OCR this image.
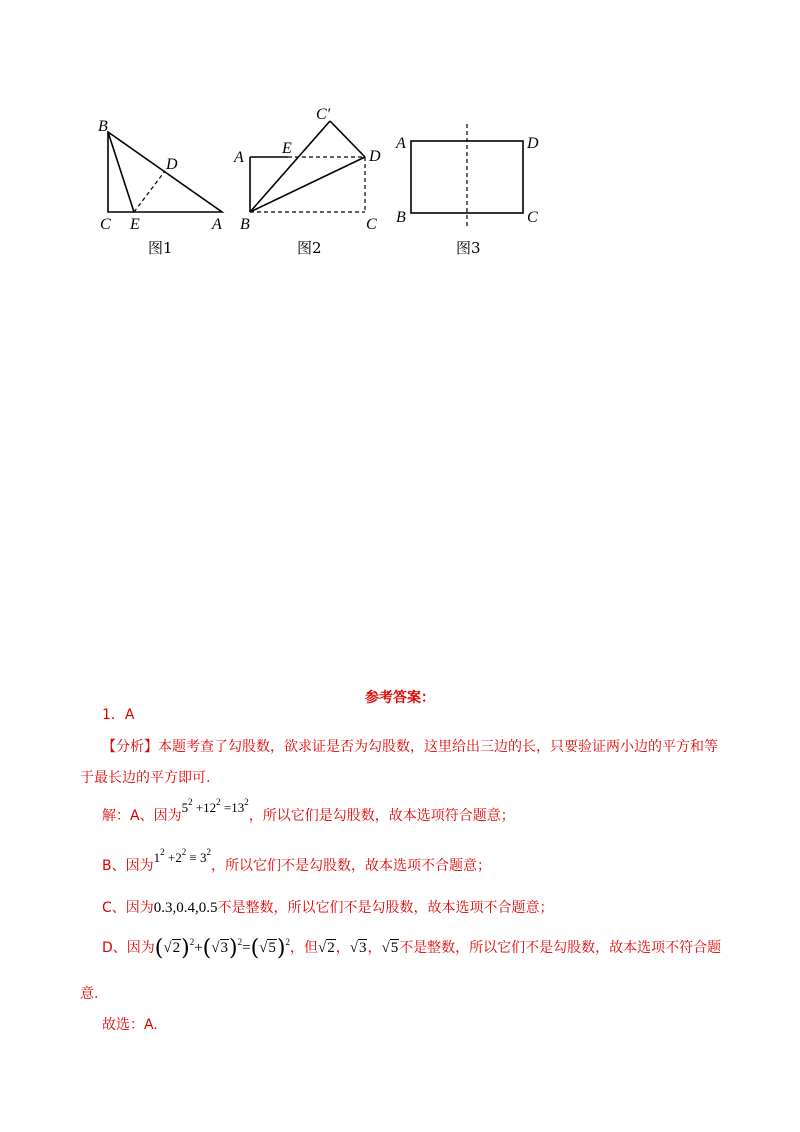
B
D
C E	A
图1
C′
A
E	D
B	C
图2
A	D
B	C
图3
参考答案：
1．A
【分析】本题考查了勾股数，欲求证是否为勾股数，这里给出三边的长，只要验证两小边的平方和等
于最长边的平方即可.
解：A、因为$5^2 +12^2 =13^2$，所以它们是勾股数，故本选项符合题意；
B、因为$1^2 +2^2 \equiv 3^2$，所以它们不是勾股数，故本选项不合题意；
C、因为0.3,0.4,0.5不是整数，所以它们不是勾股数，故本选项不合题意；
D、因为$(√2)^2+(√3)^2=(√5)^2$，但√2，√3，√5不是整数，所以它们不是勾股数，故本选项不符合题
意.
故选：A.
